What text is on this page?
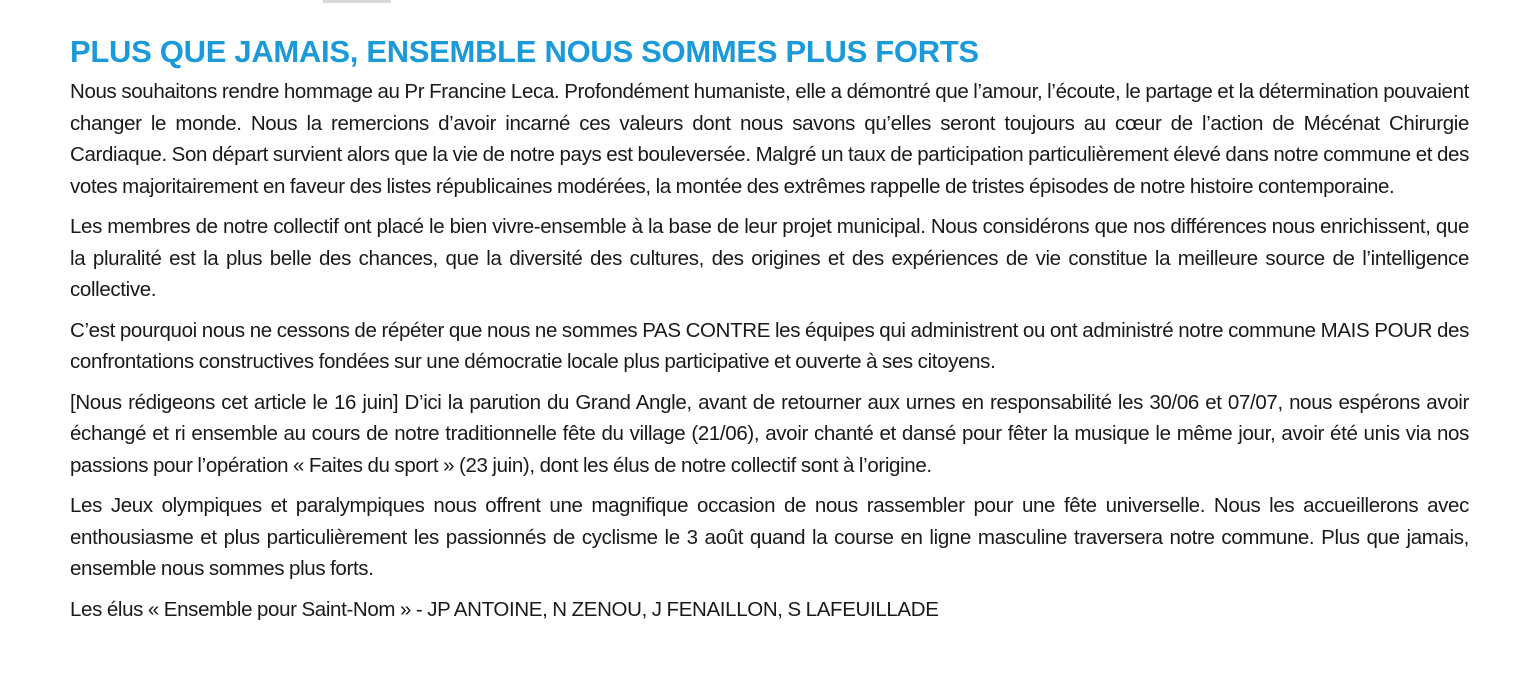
PLUS QUE JAMAIS, ENSEMBLE NOUS SOMMES PLUS FORTS

Nous souhaitons rendre hommage au Pr Francine Leca. Profondément humaniste, elle a démontré que l’amour, l’écoute, le partage et la détermination pouvaient changer le monde. Nous la remercions d’avoir incarné ces valeurs dont nous savons qu’elles seront toujours au cœur de l’action de Mécénat Chirurgie Cardiaque. Son départ survient alors que la vie de notre pays est bouleversée. Malgré un taux de participation particulièrement élevé dans notre commune et des votes majoritairement en faveur des listes républicaines modérées, la montée des extrêmes rappelle de tristes épisodes de notre histoire contemporaine.

Les membres de notre collectif ont placé le bien vivre-ensemble à la base de leur projet municipal. Nous considérons que nos différences nous enrichissent, que la pluralité est la plus belle des chances, que la diversité des cultures, des origines et des expériences de vie constitue la meilleure source de l’intelligence collective.

C’est pourquoi nous ne cessons de répéter que nous ne sommes PAS CONTRE les équipes qui administrent ou ont administré notre commune MAIS POUR des confrontations constructives fondées sur une démocratie locale plus participative et ouverte à ses citoyens.

[Nous rédigeons cet article le 16 juin] D’ici la parution du Grand Angle, avant de retourner aux urnes en responsabilité les 30/06 et 07/07, nous espérons avoir échangé et ri ensemble au cours de notre traditionnelle fête du village (21/06), avoir chanté et dansé pour fêter la musique le même jour, avoir été unis via nos passions pour l’opération « Faites du sport » (23 juin), dont les élus de notre collectif sont à l’origine.

Les Jeux olympiques et paralympiques nous offrent une magnifique occasion de nous rassembler pour une fête universelle. Nous les accueillerons avec enthousiasme et plus particulièrement les passionnés de cyclisme le 3 août quand la course en ligne masculine traversera notre commune. Plus que jamais, ensemble nous sommes plus forts.

Les élus « Ensemble pour Saint-Nom » - JP ANTOINE, N ZENOU, J FENAILLON, S LAFEUILLADE
